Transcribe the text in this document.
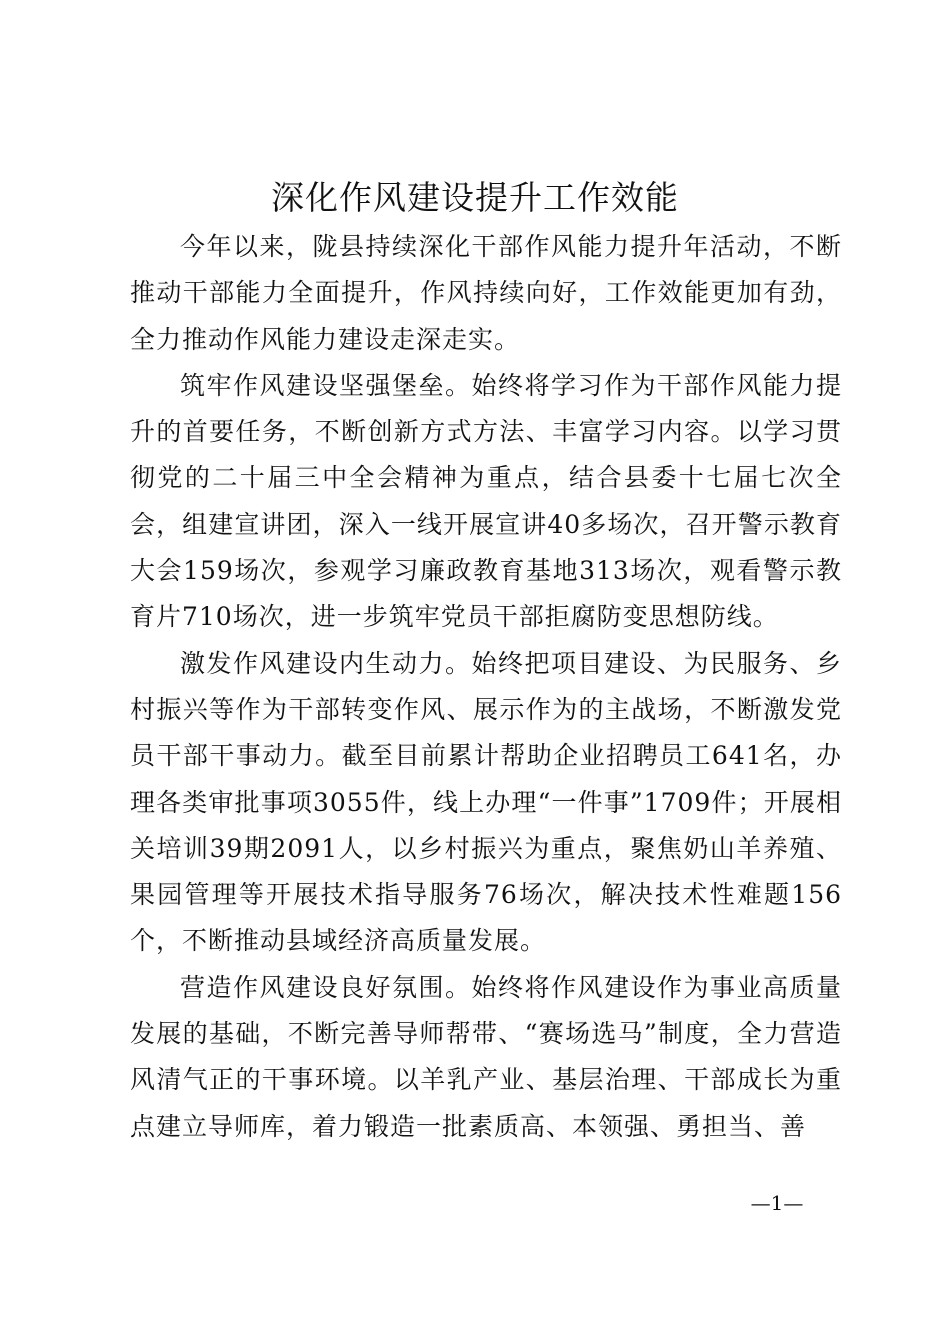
深化作风建设提升工作效能

今年以来，陇县持续深化干部作风能力提升年活动，不断推动干部能力全面提升，作风持续向好，工作效能更加有劲，全力推动作风能力建设走深走实。

筑牢作风建设坚强堡垒。始终将学习作为干部作风能力提升的首要任务，不断创新方式方法、丰富学习内容。以学习贯彻党的二十届三中全会精神为重点，结合县委十七届七次全会，组建宣讲团，深入一线开展宣讲40多场次，召开警示教育大会159场次，参观学习廉政教育基地313场次，观看警示教育片710场次，进一步筑牢党员干部拒腐防变思想防线。

激发作风建设内生动力。始终把项目建设、为民服务、乡村振兴等作为干部转变作风、展示作为的主战场，不断激发党员干部干事动力。截至目前累计帮助企业招聘员工641名，办理各类审批事项3055件，线上办理“一件事”1709件；开展相关培训39期2091人，以乡村振兴为重点，聚焦奶山羊养殖、果园管理等开展技术指导服务76场次，解决技术性难题156个，不断推动县域经济高质量发展。

营造作风建设良好氛围。始终将作风建设作为事业高质量发展的基础，不断完善导师帮带、“赛场选马”制度，全力营造风清气正的干事环境。以羊乳产业、基层治理、干部成长为重点建立导师库，着力锻造一批素质高、本领强、勇担当、善

—1—
